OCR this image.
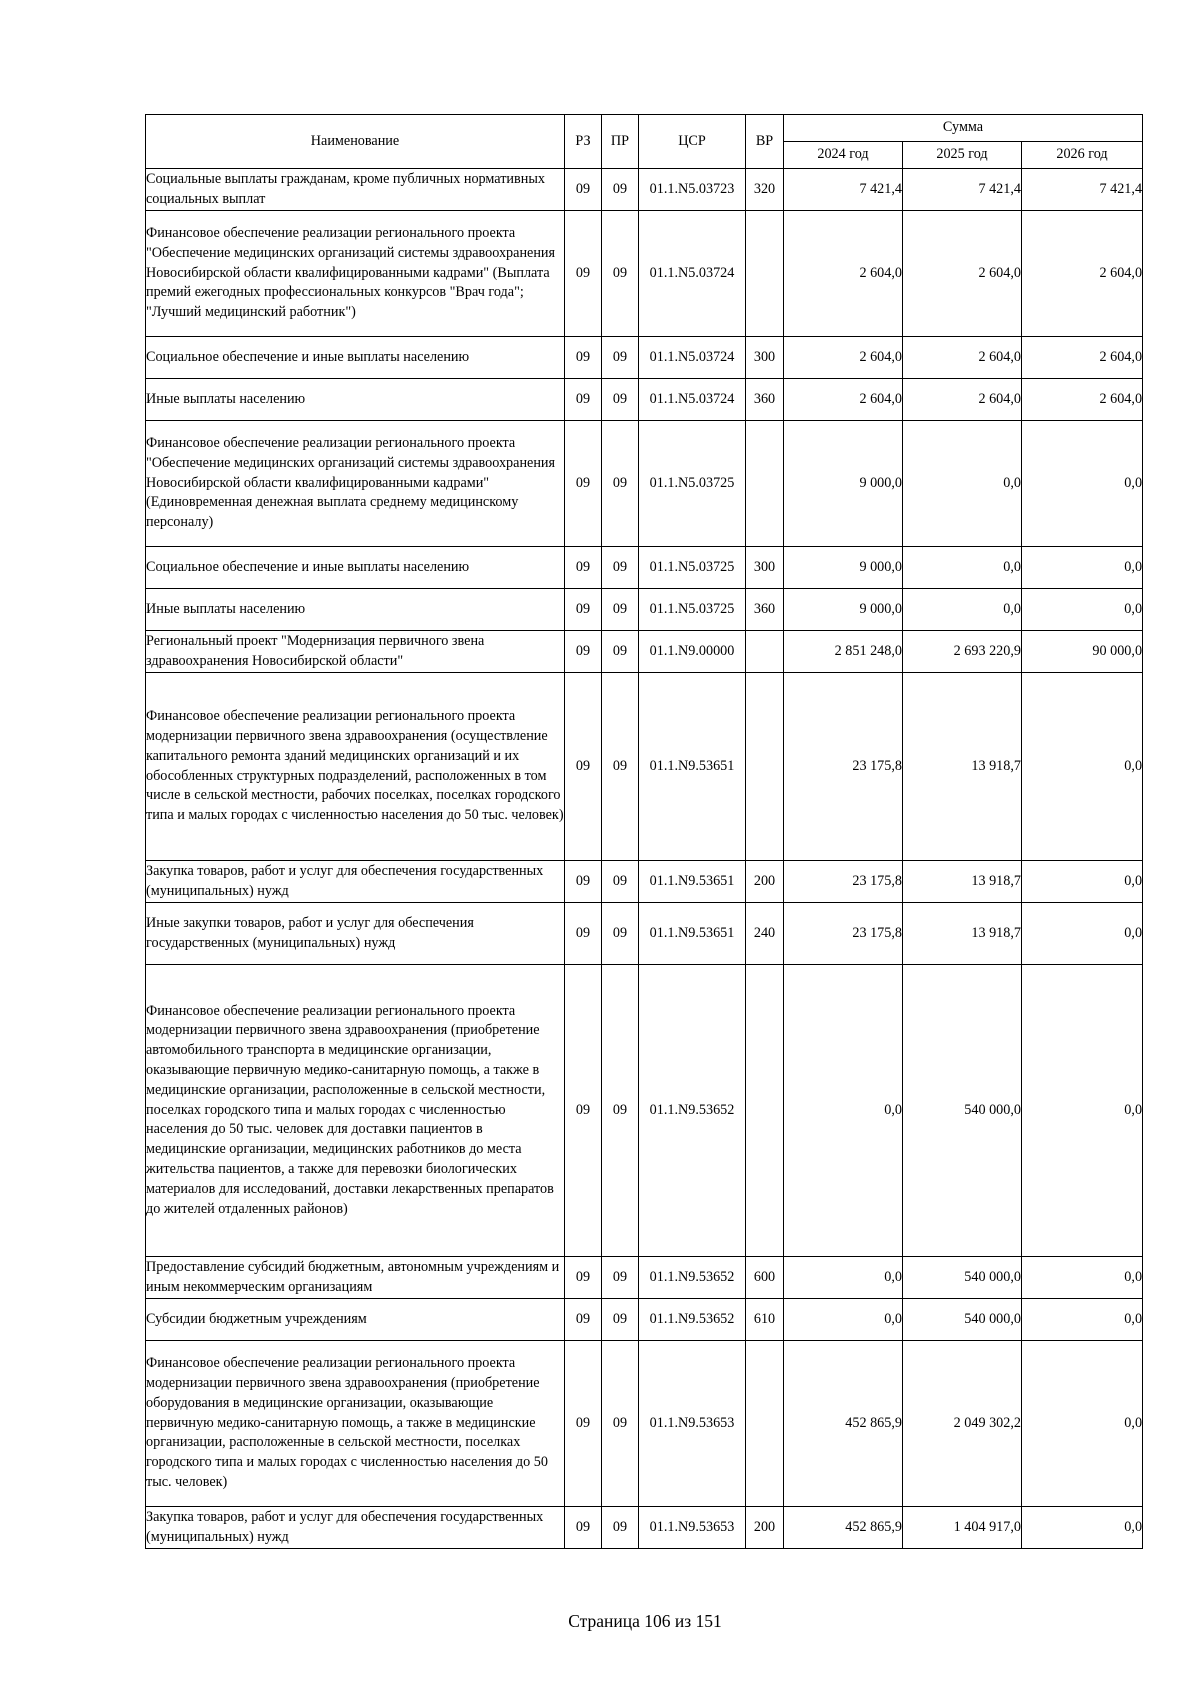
Наименование	РЗ	ПР	ЦСР	ВР	Сумма		
					2024 год	2025 год	2026 год
Социальные выплаты гражданам, кроме публичных нормативных социальных выплат	09	09	01.1.N5.03723	320	7 421,4	7 421,4	7 421,4
Финансовое обеспечение реализации регионального проекта "Обеспечение медицинских организаций системы здравоохранения Новосибирской области квалифицированными кадрами" (Выплата премий ежегодных профессиональных конкурсов "Врач года"; "Лучший медицинский работник")	09	09	01.1.N5.03724		2 604,0	2 604,0	2 604,0
Социальное обеспечение и иные выплаты населению	09	09	01.1.N5.03724	300	2 604,0	2 604,0	2 604,0
Иные выплаты населению	09	09	01.1.N5.03724	360	2 604,0	2 604,0	2 604,0
Финансовое обеспечение реализации регионального проекта "Обеспечение медицинских организаций системы здравоохранения Новосибирской области квалифицированными кадрами" (Единовременная денежная выплата среднему медицинскому персоналу)	09	09	01.1.N5.03725		9 000,0	0,0	0,0
Социальное обеспечение и иные выплаты населению	09	09	01.1.N5.03725	300	9 000,0	0,0	0,0
Иные выплаты населению	09	09	01.1.N5.03725	360	9 000,0	0,0	0,0
Региональный проект "Модернизация первичного звена здравоохранения Новосибирской области"	09	09	01.1.N9.00000		2 851 248,0	2 693 220,9	90 000,0
Финансовое обеспечение реализации регионального проекта модернизации первичного звена здравоохранения (осуществление капитального ремонта зданий медицинских организаций и их обособленных структурных подразделений, расположенных в том числе в сельской местности, рабочих поселках, поселках городского типа и малых городах с численностью населения до 50 тыс. человек)	09	09	01.1.N9.53651		23 175,8	13 918,7	0,0
Закупка товаров, работ и услуг для обеспечения государственных (муниципальных) нужд	09	09	01.1.N9.53651	200	23 175,8	13 918,7	0,0
Иные закупки товаров, работ и услуг для обеспечения государственных (муниципальных) нужд	09	09	01.1.N9.53651	240	23 175,8	13 918,7	0,0
Финансовое обеспечение реализации регионального проекта модернизации первичного звена здравоохранения (приобретение автомобильного транспорта в медицинские организации, оказывающие первичную медико-санитарную помощь, а также в медицинские организации, расположенные в сельской местности, поселках городского типа и малых городах с численностью населения до 50 тыс. человек для доставки пациентов в медицинские организации, медицинских работников до места жительства пациентов, а также для перевозки биологических материалов для исследований, доставки лекарственных препаратов до жителей отдаленных районов)	09	09	01.1.N9.53652		0,0	540 000,0	0,0
Предоставление субсидий бюджетным, автономным учреждениям и иным некоммерческим организациям	09	09	01.1.N9.53652	600	0,0	540 000,0	0,0
Субсидии бюджетным учреждениям	09	09	01.1.N9.53652	610	0,0	540 000,0	0,0
Финансовое обеспечение реализации регионального проекта модернизации первичного звена здравоохранения (приобретение оборудования в медицинские организации, оказывающие первичную медико-санитарную помощь, а также в медицинские организации, расположенные в сельской местности, поселках городского типа и малых городах с численностью населения до 50 тыс. человек)	09	09	01.1.N9.53653		452 865,9	2 049 302,2	0,0
Закупка товаров, работ и услуг для обеспечения государственных (муниципальных) нужд	09	09	01.1.N9.53653	200	452 865,9	1 404 917,0	0,0
Страница 106 из 151
